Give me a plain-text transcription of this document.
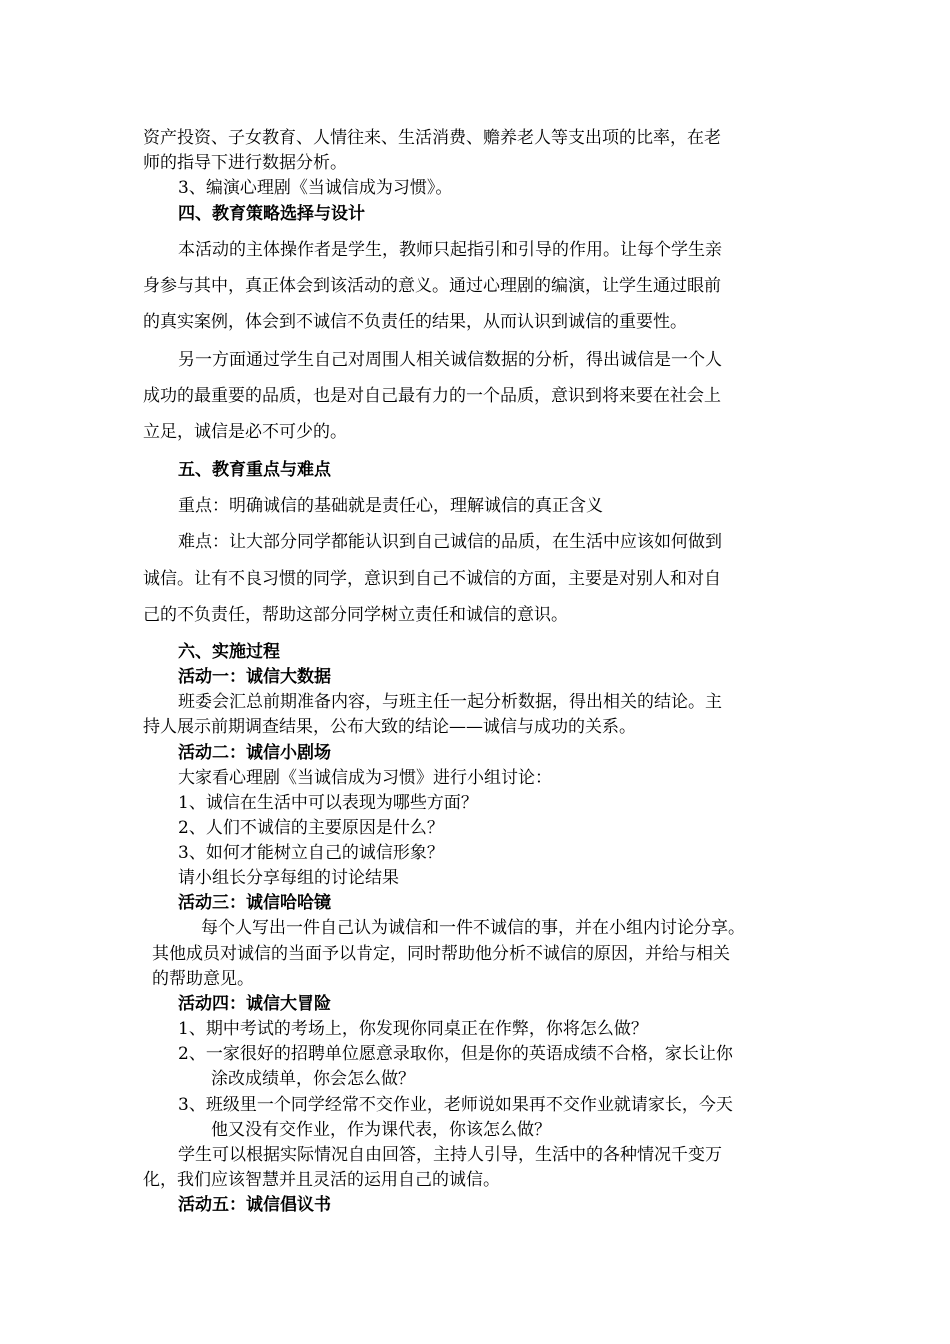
资产投资、子女教育、人情往来、生活消费、赡养老人等支出项的比率，在老
师的指导下进行数据分析。
3、编演心理剧《当诚信成为习惯》。
四、教育策略选择与设计
本活动的主体操作者是学生，教师只起指引和引导的作用。让每个学生亲
身参与其中，真正体会到该活动的意义。通过心理剧的编演，让学生通过眼前
的真实案例，体会到不诚信不负责任的结果，从而认识到诚信的重要性。
另一方面通过学生自己对周围人相关诚信数据的分析，得出诚信是一个人
成功的最重要的品质，也是对自己最有力的一个品质，意识到将来要在社会上
立足，诚信是必不可少的。
五、教育重点与难点
重点：明确诚信的基础就是责任心，理解诚信的真正含义
难点：让大部分同学都能认识到自己诚信的品质，在生活中应该如何做到
诚信。让有不良习惯的同学，意识到自己不诚信的方面，主要是对别人和对自
己的不负责任，帮助这部分同学树立责任和诚信的意识。
六、实施过程
活动一：诚信大数据
班委会汇总前期准备内容，与班主任一起分析数据，得出相关的结论。主
持人展示前期调查结果，公布大致的结论——诚信与成功的关系。
活动二：诚信小剧场
大家看心理剧《当诚信成为习惯》进行小组讨论：
1、诚信在生活中可以表现为哪些方面？
2、人们不诚信的主要原因是什么？
3、如何才能树立自己的诚信形象？
请小组长分享每组的讨论结果
活动三：诚信哈哈镜
每个人写出一件自己认为诚信和一件不诚信的事，并在小组内讨论分享。
其他成员对诚信的当面予以肯定，同时帮助他分析不诚信的原因，并给与相关
的帮助意见。
活动四：诚信大冒险
1、期中考试的考场上，你发现你同桌正在作弊，你将怎么做？
2、一家很好的招聘单位愿意录取你，但是你的英语成绩不合格，家长让你
涂改成绩单，你会怎么做？
3、班级里一个同学经常不交作业，老师说如果再不交作业就请家长，今天
他又没有交作业，作为课代表，你该怎么做？
学生可以根据实际情况自由回答，主持人引导，生活中的各种情况千变万
化，我们应该智慧并且灵活的运用自己的诚信。
活动五：诚信倡议书
